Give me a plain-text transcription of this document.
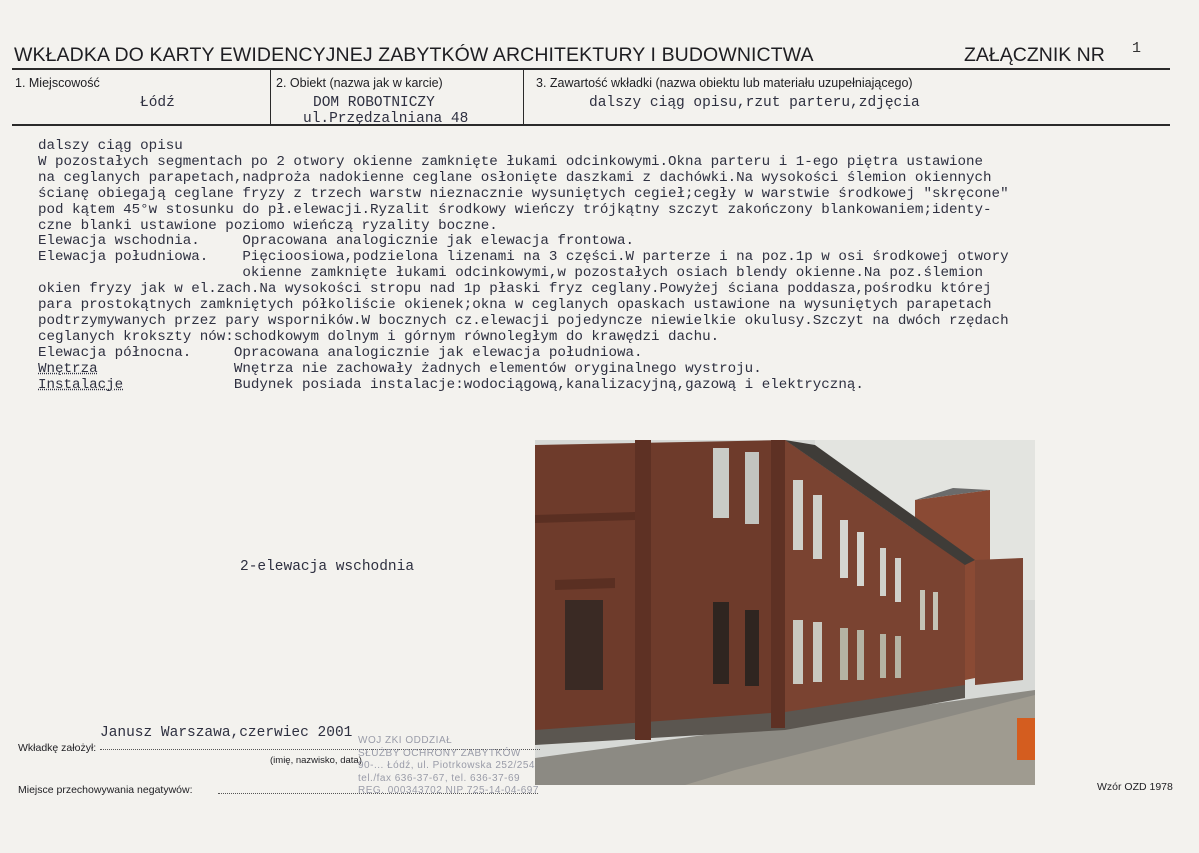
WKŁADKA DO KARTY EWIDENCYJNEJ ZABYTKÓW ARCHITEKTURY I BUDOWNICTWA	ZAŁĄCZNIK NR 1
1. Miejscowość
Łódź
2. Obiekt (nazwa jak w karcie)
DOM ROBOTNICZY
ul.Przędzalniana 48
3. Zawartość wkładki (nazwa obiektu lub materiału uzupełniającego)
dalszy ciąg opisu,rzut parteru,zdjęcia
dalszy ciąg opisu
W pozostałych segmentach po 2 otwory okienne zamknięte łukami odcinkowymi.Okna parteru i 1-ego piętra ustawione
na ceglanych parapetach,nadproża nadokienne ceglane osłonięte daszkami z dachówki.Na wysokości ślemion okiennych
ścianę obiegają ceglane fryzy z trzech warstw nieznacznie wysuniętych cegieł;cegły w warstwie środkowej "skręcone"
pod kątem 45°w stosunku do pł.elewacji.Ryzalit środkowy wieńczy trójkątny szczyt zakończony blankowaniem;identy-
czne blanki ustawione poziomo wieńczą ryzality boczne.
Elewacja wschodnia.	Opracowana analogicznie jak elewacja frontowa.
Elewacja południowa. Pięcioosiowa,podzielona lizenami na 3 części.W parterze i na poz.1p w osi środkowej otwory
okienne zamknięte łukami odcinkowymi,w pozostałych osiach blendy okienne.Na poz.ślemion
okien fryzy jak w el.zach.Na wysokości stropu nad 1p płaski fryz ceglany.Powyżej ściana poddasza,pośrodku której
para prostokątnych zamkniętych półkoliście okienek;okna w ceglanych opaskach ustawione na wysuniętych parapetach
podtrzymywanych przez pary wsporników.W bocznych cz.elewacji pojedyncze niewielkie okulusy.Szczyt na dwóch rzędach
ceglanych krokszty nów:schodkowym dolnym i górnym równoległym do krawędzi dachu.
Elewacja północna.	Opracowana analogicznie jak elewacja południowa.
Wnętrza	Wnętrza nie zachowały żadnych elementów oryginalnego wystroju.
Instalacje	Budynek posiada instalacje:wodociągową,kanalizacyjną,gazową i elektryczną.
2-elewacja wschodnia
Wkładkę założył:
Janusz Warszawa,czerwiec 2001
(imię, nazwisko, data)
Miejsce przechowywania negatywów:
WOJ ZKI ODDZIAŁ
SŁUŻBY OCHRONY ZABYTKÓW
90-... Łódź, ul. Piotrkowska 252/254
tel./fax 636-37-67, tel. 636-37-69
REG. 000343702 NIP 725-14-04-697	Wzór OZD 1978
